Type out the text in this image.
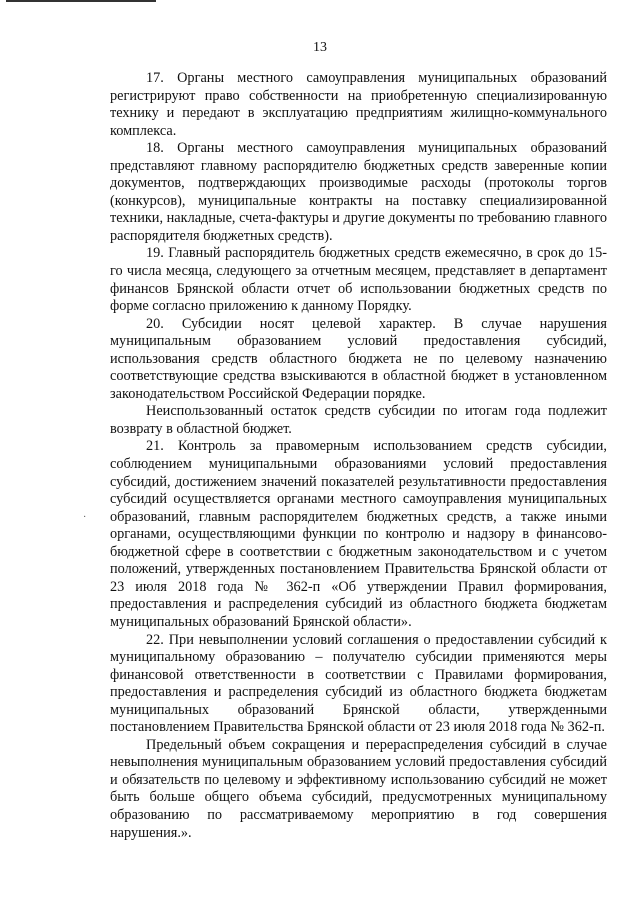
13
·

17. Органы местного самоуправления муниципальных образований регистрируют право собственности на приобретенную специализированную технику и передают в эксплуатацию предприятиям жилищно-коммунального комплекса.

18. Органы местного самоуправления муниципальных образований представляют главному распорядителю бюджетных средств заверенные копии документов, подтверждающих производимые расходы (протоколы торгов (конкурсов), муниципальные контракты на поставку специализированной техники, накладные, счета-фактуры и другие документы по требованию главного распорядителя бюджетных средств).

19. Главный распорядитель бюджетных средств ежемесячно, в срок до 15-го числа месяца, следующего за отчетным месяцем, представляет в департамент финансов Брянской области отчет об использовании бюджетных средств по форме согласно приложению к данному Порядку.

20. Субсидии носят целевой характер. В случае нарушения муниципальным образованием условий предоставления субсидий, использования средств областного бюджета не по целевому назначению соответствующие средства взыскиваются в областной бюджет в установленном законодательством Российской Федерации порядке.

Неиспользованный остаток средств субсидии по итогам года подлежит возврату в областной бюджет.

21. Контроль за правомерным использованием средств субсидии, соблюдением муниципальными образованиями условий предоставления субсидий, достижением значений показателей результативности предоставления субсидий осуществляется органами местного самоуправления муниципальных образований, главным распорядителем бюджетных средств, а также иными органами, осуществляющими функции по контролю и надзору в финансово-бюджетной сфере в соответствии с бюджетным законодательством и с учетом положений, утвержденных постановлением Правительства Брянской области от 23 июля 2018 года № 362-п «Об утверждении Правил формирования, предоставления и распределения субсидий из областного бюджета бюджетам муниципальных образований Брянской области».

22. При невыполнении условий соглашения о предоставлении субсидий к муниципальному образованию – получателю субсидии применяются меры финансовой ответственности в соответствии с Правилами формирования, предоставления и распределения субсидий из областного бюджета бюджетам муниципальных образований Брянской области, утвержденными постановлением Правительства Брянской области от 23 июля 2018 года № 362-п.

Предельный объем сокращения и перераспределения субсидий в случае невыполнения муниципальным образованием условий предоставления субсидий и обязательств по целевому и эффективному использованию субсидий не может быть больше общего объема субсидий, предусмотренных муниципальному образованию по рассматриваемому мероприятию в год совершения нарушения.».
